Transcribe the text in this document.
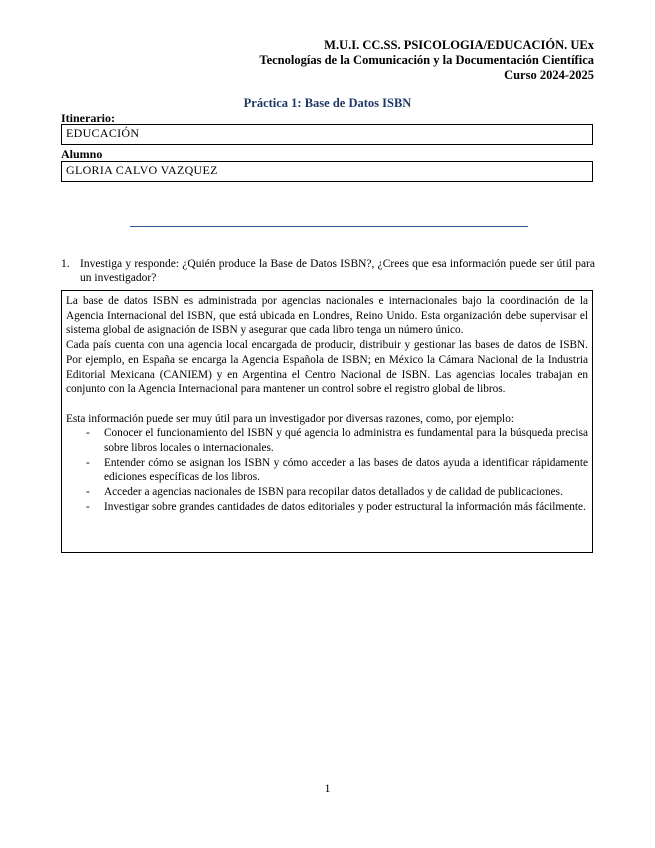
M.U.I. CC.SS. PSICOLOGIA/EDUCACIÓN. UEx
Tecnologías de la Comunicación y la Documentación Científica
Curso 2024-2025
Práctica 1: Base de Datos ISBN
Itinerario:
EDUCACIÓN
Alumno
GLORIA CALVO VAZQUEZ
1. Investiga y responde: ¿Quién produce la Base de Datos ISBN?, ¿Crees que esa información puede ser útil para un investigador?

La base de datos ISBN es administrada por agencias nacionales e internacionales bajo la coordinación de la Agencia Internacional del ISBN, que está ubicada en Londres, Reino Unido. Esta organización debe supervisar el sistema global de asignación de ISBN y asegurar que cada libro tenga un número único.

Cada país cuenta con una agencia local encargada de producir, distribuir y gestionar las bases de datos de ISBN. Por ejemplo, en España se encarga la Agencia Española de ISBN; en México la Cámara Nacional de la Industria Editorial Mexicana (CANIEM) y en Argentina el Centro Nacional de ISBN. Las agencias locales trabajan en conjunto con la Agencia Internacional para mantener un control sobre el registro global de libros.

Esta información puede ser muy útil para un investigador por diversas razones, como, por ejemplo:

- Conocer el funcionamiento del ISBN y qué agencia lo administra es fundamental para la búsqueda precisa sobre libros locales o internacionales.
- Entender cómo se asignan los ISBN y cómo acceder a las bases de datos ayuda a identificar rápidamente ediciones específicas de los libros.
- Acceder a agencias nacionales de ISBN para recopilar datos detallados y de calidad de publicaciones.
- Investigar sobre grandes cantidades de datos editoriales y poder estructural la información más fácilmente.
1
